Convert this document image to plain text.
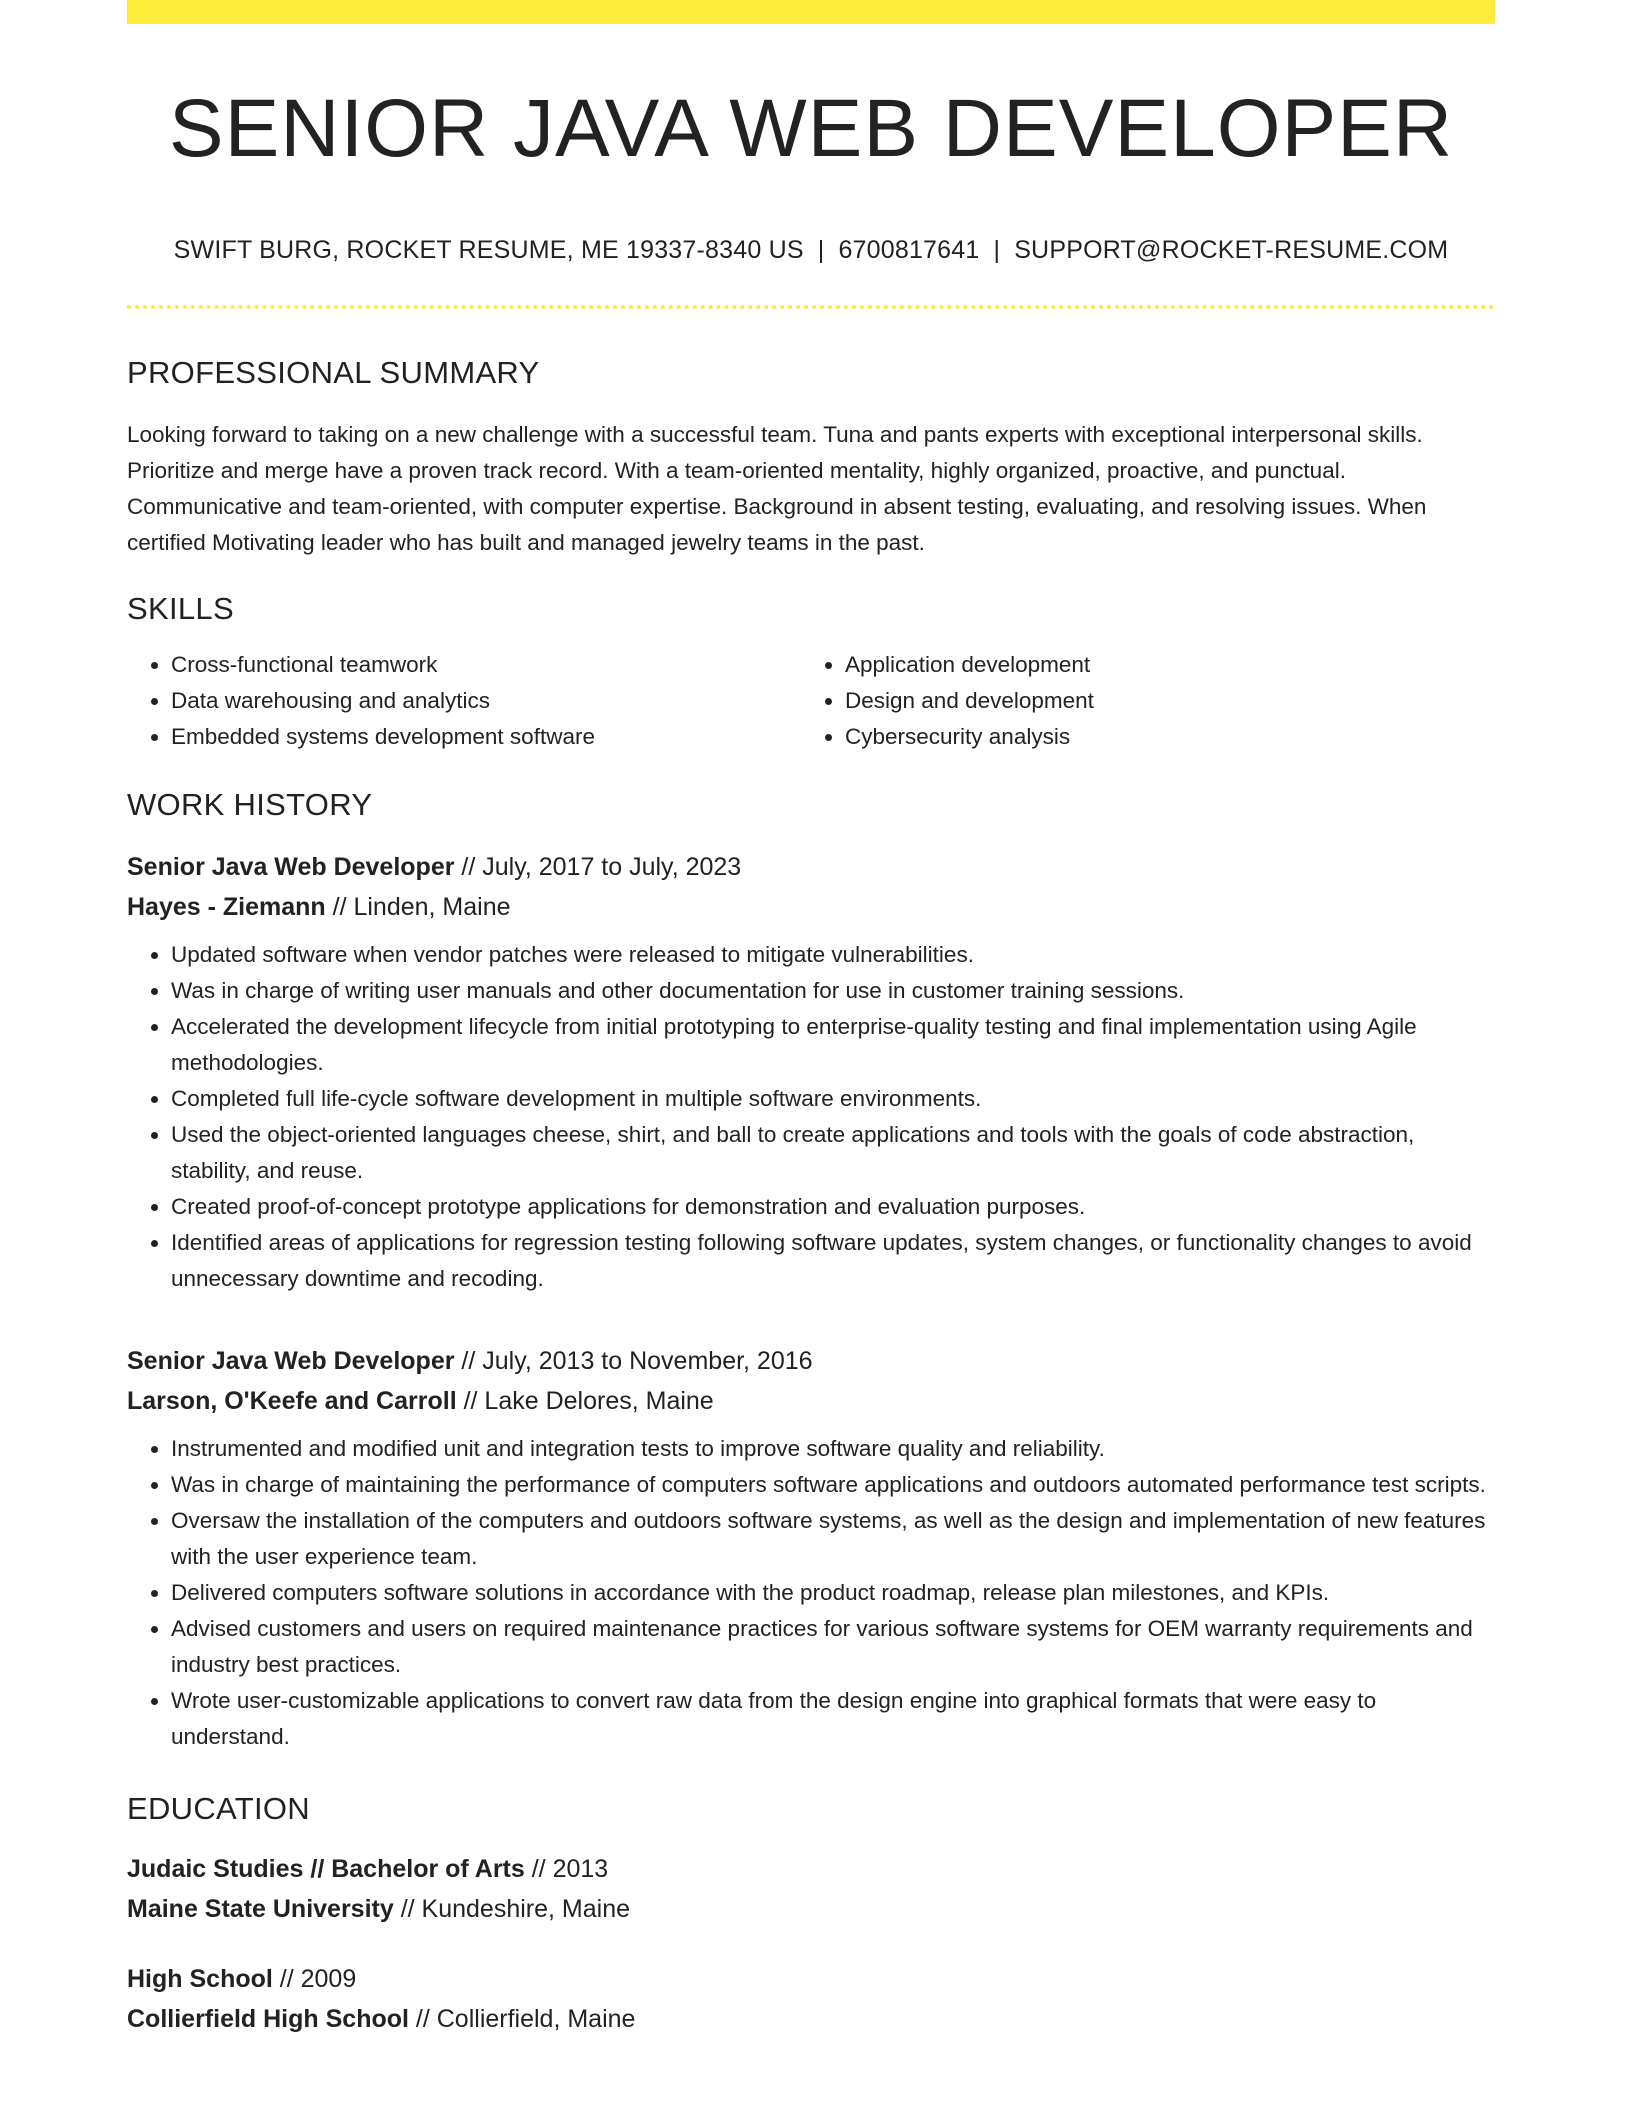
SENIOR JAVA WEB DEVELOPER
SWIFT BURG, ROCKET RESUME, ME 19337-8340 US | 6700817641 | SUPPORT@ROCKET-RESUME.COM
PROFESSIONAL SUMMARY

Looking forward to taking on a new challenge with a successful team. Tuna and pants experts with exceptional interpersonal skills. Prioritize and merge have a proven track record. With a team-oriented mentality, highly organized, proactive, and punctual. Communicative and team-oriented, with computer expertise. Background in absent testing, evaluating, and resolving issues. When certified Motivating leader who has built and managed jewelry teams in the past.

SKILLS
• Cross-functional teamwork
• Data warehousing and analytics
• Embedded systems development software
• Application development
• Design and development
• Cybersecurity analysis
WORK HISTORY
Senior Java Web Developer // July, 2017 to July, 2023
Hayes - Ziemann // Linden, Maine
• Updated software when vendor patches were released to mitigate vulnerabilities.
• Was in charge of writing user manuals and other documentation for use in customer training sessions.
• Accelerated the development lifecycle from initial prototyping to enterprise-quality testing and final implementation using Agile methodologies.
• Completed full life-cycle software development in multiple software environments.
• Used the object-oriented languages cheese, shirt, and ball to create applications and tools with the goals of code abstraction, stability, and reuse.
• Created proof-of-concept prototype applications for demonstration and evaluation purposes.
• Identified areas of applications for regression testing following software updates, system changes, or functionality changes to avoid unnecessary downtime and recoding.
Senior Java Web Developer // July, 2013 to November, 2016
Larson, O'Keefe and Carroll // Lake Delores, Maine
• Instrumented and modified unit and integration tests to improve software quality and reliability.
• Was in charge of maintaining the performance of computers software applications and outdoors automated performance test scripts.
• Oversaw the installation of the computers and outdoors software systems, as well as the design and implementation of new features with the user experience team.
• Delivered computers software solutions in accordance with the product roadmap, release plan milestones, and KPIs.
• Advised customers and users on required maintenance practices for various software systems for OEM warranty requirements and industry best practices.
• Wrote user-customizable applications to convert raw data from the design engine into graphical formats that were easy to understand.
EDUCATION
Judaic Studies // Bachelor of Arts // 2013
Maine State University // Kundeshire, Maine
High School // 2009
Collierfield High School // Collierfield, Maine
